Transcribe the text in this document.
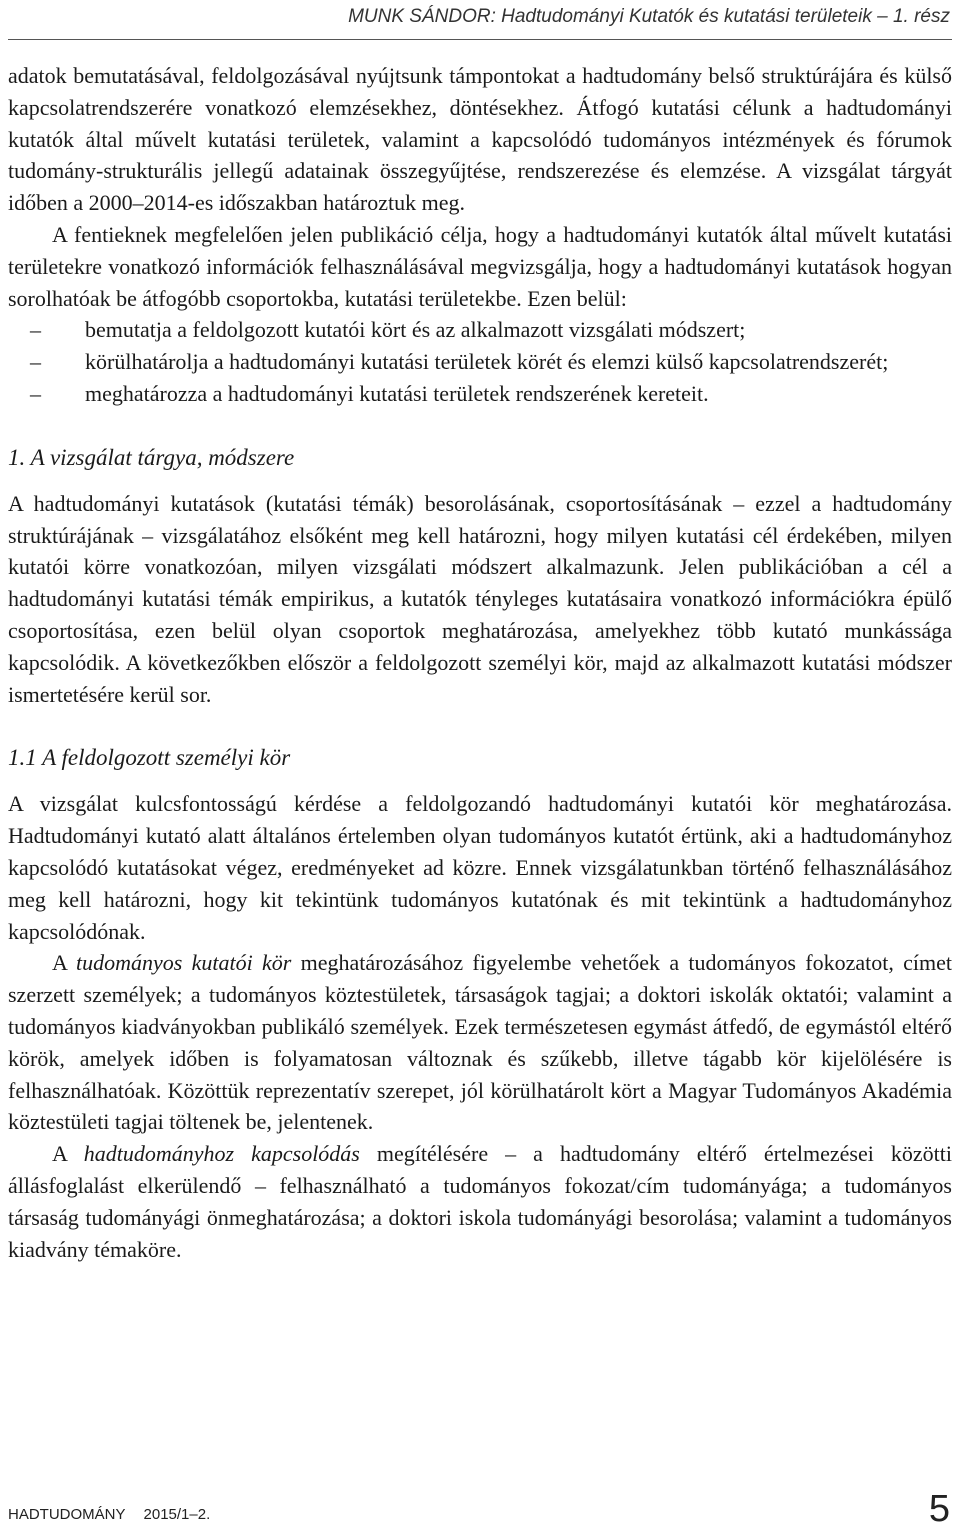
MUNK SÁNDOR: Hadtudományi Kutatók és kutatási területeik – 1. rész

adatok bemutatásával, feldolgozásával nyújtsunk támpontokat a hadtudomány belső struktúrájára és külső kapcsolatrendszerére vonatkozó elemzésekhez, döntésekhez. Átfogó kutatási célunk a hadtudományi kutatók által művelt kutatási területek, valamint a kapcsolódó tudományos intézmények és fórumok tudomány-strukturális jellegű adatainak összegyűjtése, rendszerezése és elemzése. A vizsgálat tárgyát időben a 2000–2014-es időszakban határoztuk meg.

A fentieknek megfelelően jelen publikáció célja, hogy a hadtudományi kutatók által művelt kutatási területekre vonatkozó információk felhasználásával megvizsgálja, hogy a hadtudományi kutatások hogyan sorolhatóak be átfogóbb csoportokba, kutatási területekbe. Ezen belül:

– bemutatja a feldolgozott kutatói kört és az alkalmazott vizsgálati módszert;
– körülhatárolja a hadtudományi kutatási területek körét és elemzi külső kapcsolatrendszerét;
– meghatározza a hadtudományi kutatási területek rendszerének kereteit.
1. A vizsgálat tárgya, módszere

A hadtudományi kutatások (kutatási témák) besorolásának, csoportosításának – ezzel a hadtudomány struktúrájának – vizsgálatához elsőként meg kell határozni, hogy milyen kutatási cél érdekében, milyen kutatói körre vonatkozóan, milyen vizsgálati módszert alkalmazunk. Jelen publikációban a cél a hadtudományi kutatási témák empirikus, a kutatók tényleges kutatásaira vonatkozó információkra épülő csoportosítása, ezen belül olyan csoportok meghatározása, amelyekhez több kutató munkássága kapcsolódik. A következőkben először a feldolgozott személyi kör, majd az alkalmazott kutatási módszer ismertetésére kerül sor.

1.1 A feldolgozott személyi kör

A vizsgálat kulcsfontosságú kérdése a feldolgozandó hadtudományi kutatói kör meghatározása. Hadtudományi kutató alatt általános értelemben olyan tudományos kutatót értünk, aki a hadtudományhoz kapcsolódó kutatásokat végez, eredményeket ad közre. Ennek vizsgálatunkban történő felhasználásához meg kell határozni, hogy kit tekintünk tudományos kutatónak és mit tekintünk a hadtudományhoz kapcsolódónak.

A tudományos kutatói kör meghatározásához figyelembe vehetőek a tudományos fokozatot, címet szerzett személyek; a tudományos köztestületek, társaságok tagjai; a doktori iskolák oktatói; valamint a tudományos kiadványokban publikáló személyek. Ezek természetesen egymást átfedő, de egymástól eltérő körök, amelyek időben is folyamatosan változnak és szűkebb, illetve tágabb kör kijelölésére is felhasználhatóak. Közöttük reprezentatív szerepet, jól körülhatárolt kört a Magyar Tudományos Akadémia köztestületi tagjai töltenek be, jelentenek.

A hadtudományhoz kapcsolódás megítélésére – a hadtudomány eltérő értelmezései közötti állásfoglalást elkerülendő – felhasználható a tudományos fokozat/cím tudományága; a tudományos társaság tudományági önmeghatározása; a doktori iskola tudományági besorolása; valamint a tudományos kiadvány témaköre.

HADTUDOMÁNY 2015/1–2.	5
